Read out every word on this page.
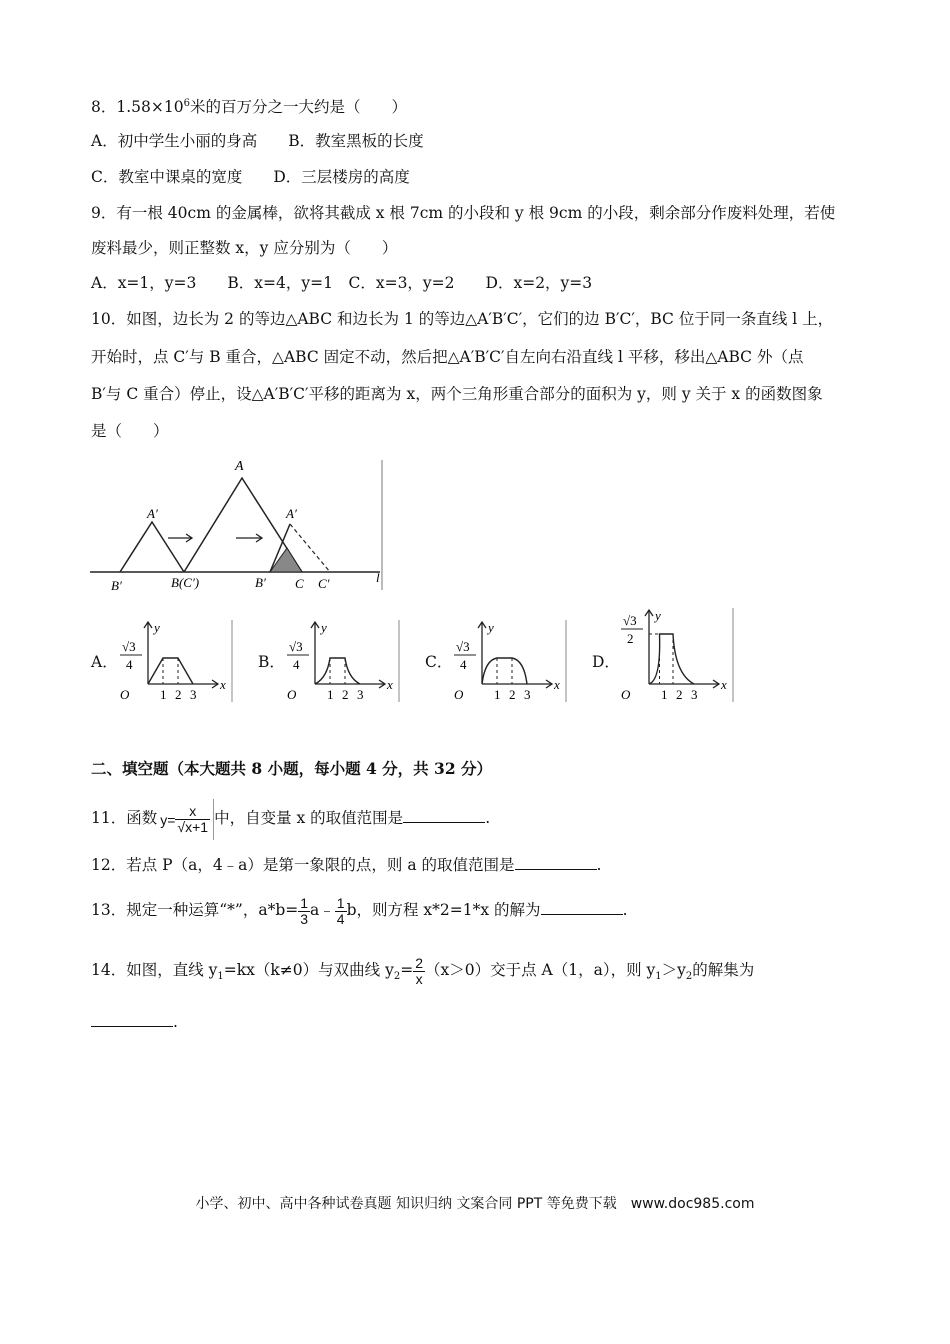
8．$1.58\times 10^6$米的百万分之一大约是（　　）
A．初中学生小丽的身高　　B．教室黑板的长度
C．教室中课桌的宽度　　D．三层楼房的高度
9．有一根 40cm 的金属棒，欲将其截成 x 根 7cm 的小段和 y 根 9cm 的小段，剩余部分作废料处理，若使
废料最少，则正整数 x，y 应分别为（　　）
A．x=1，y=3　　B．x=4，y=1　C．x=3，y=2　　D．x=2，y=3
10．如图，边长为 2 的等边△ABC 和边长为 1 的等边△A′B′C′，它们的边 B′C′，BC 位于同一条直线 l 上，
开始时，点 C′与 B 重合，△ABC 固定不动，然后把△A′B′C′自左向右沿直线 l 平移，移出△ABC 外（点
B′与 C 重合）停止，设△A′B′C′平移的距离为 x，两个三角形重合部分的面积为 y，则 y 关于 x 的函数图象
是（　　）
A
A′	A′
B′	B(C′)	B′ C C′	l
A．
y
x
O
√3
4
1 2 3
B．
y
x
O
√3
4
1 2 3
C．
y
x
O
√3
4
1 2 3
D．
y
x
O
√3
2
1 2 3
二、填空题（本大题共 8 小题，每小题 4 分，共 32 分）
11．函数 $y= \frac{x}{√x+1}$ 中，自变量 x 的取值范围是	.
12．若点 P（a，4﹣a）是第一象限的点，则 a 的取值范围是	.
13．规定一种运算“*”，$a*b= \frac{1}{3}$ a﹣ $\frac{1}{4}$ b，则方程 x*2=1*x 的解为	.
14．如图，直线 $y_1=kx(k\ne 0)$与双曲线 $y_2= \frac{2}{x} (x>0)$交于点 A（1，a），则 $y_1>y_2$的解集为
.
小学、初中、高中各种试卷真题 知识归纳 文案合同 PPT 等免费下载　www.doc985.com
